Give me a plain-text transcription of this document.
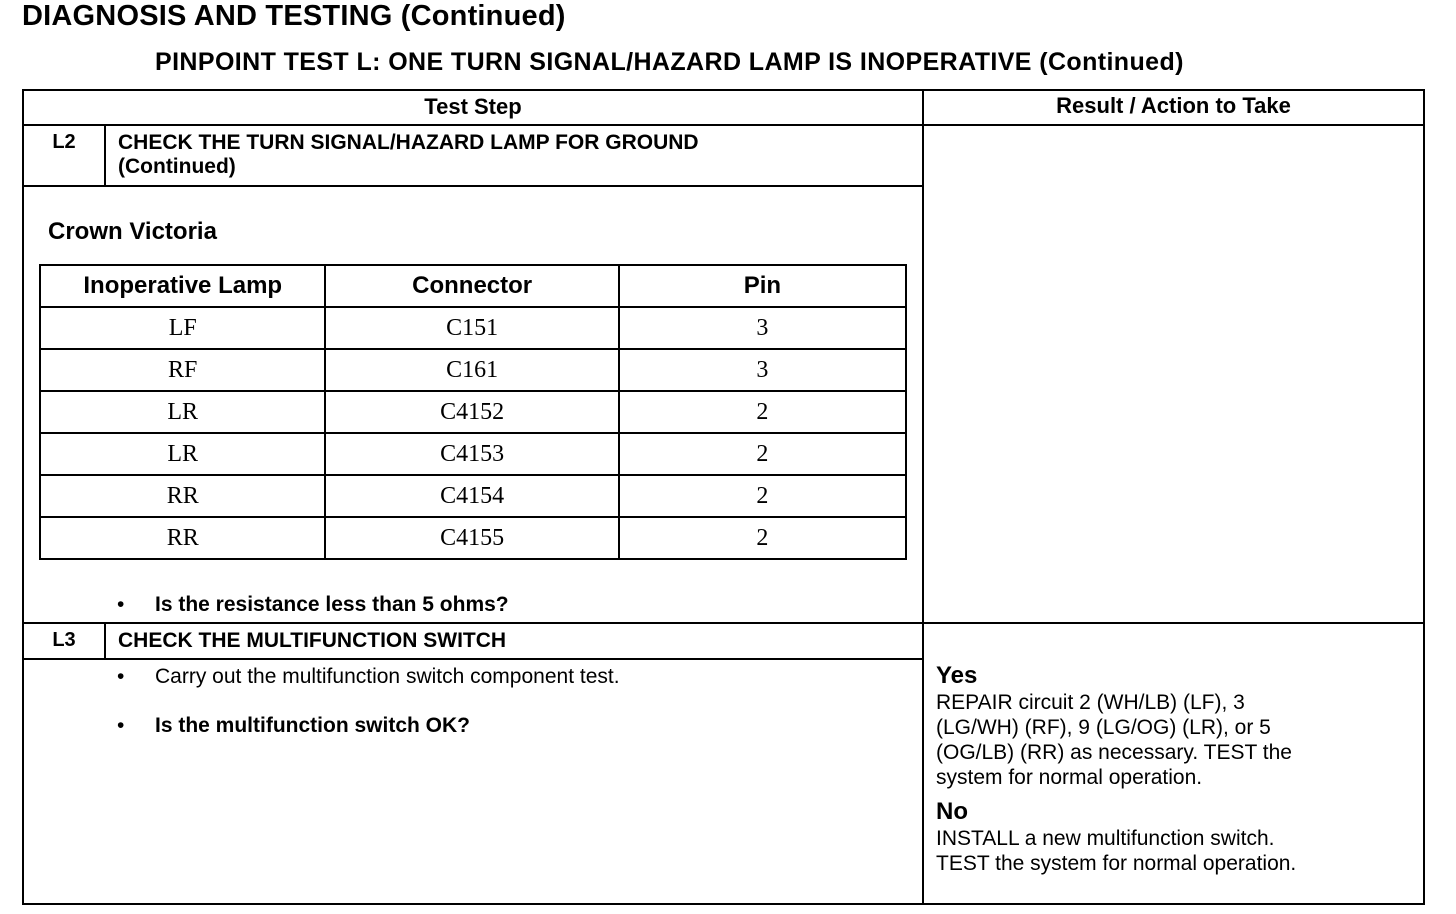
DIAGNOSIS AND TESTING (Continued)
PINPOINT TEST L: ONE TURN SIGNAL/HAZARD LAMP IS INOPERATIVE (Continued)
Test Step	Result / Action to Take
L2	CHECK THE TURN SIGNAL/HAZARD LAMP FOR GROUND
(Continued)
Crown Victoria
Inoperative Lamp	Connector	Pin
LF	C151	3
RF	C161	3
LR	C4152	2
LR	C4153	2
RR	C4154	2
RR	C4155	2
• Is the resistance less than 5 ohms?
L3	CHECK THE MULTIFUNCTION SWITCH
• Carry out the multifunction switch component test.
• Is the multifunction switch OK?
Yes
REPAIR circuit 2 (WH/LB) (LF), 3
(LG/WH) (RF), 9 (LG/OG) (LR), or 5
(OG/LB) (RR) as necessary. TEST the
system for normal operation.
No
INSTALL a new multifunction switch.
TEST the system for normal operation.
